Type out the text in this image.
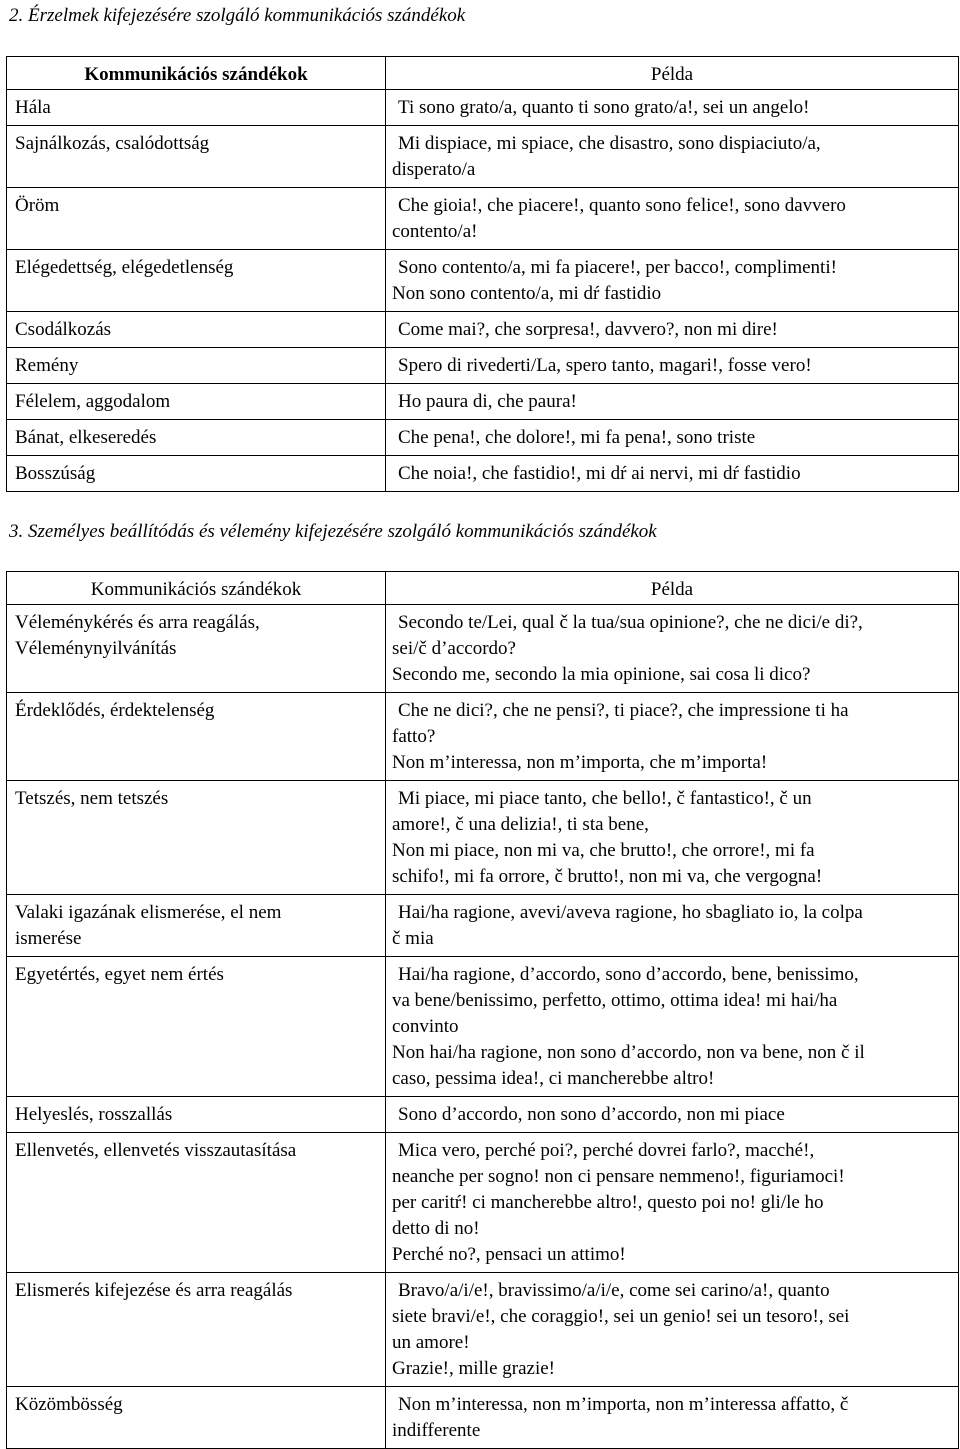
2. Érzelmek kifejezésére szolgáló kommunikációs szándékok
Kommunikációs szándékok	Példa

Hála	Ti sono grato/a, quanto ti sono grato/a!, sei un angelo!

Sajnálkozás, csalódottság	Mi dispiace, mi spiace, che disastro, sono dispiaciuto/a,
disperato/a

Öröm	Che gioia!, che piacere!, quanto sono felice!, sono davvero
contento/a!

Elégedettség, elégedetlenség	Sono contento/a, mi fa piacere!, per bacco!, complimenti!
Non sono contento/a, mi dŕ fastidio

Csodálkozás	Come mai?, che sorpresa!, davvero?, non mi dire!

Remény	Spero di rivederti/La, spero tanto, magari!, fosse vero!

Félelem, aggodalom	Ho paura di, che paura!

Bánat, elkeseredés	Che pena!, che dolore!, mi fa pena!, sono triste

Bosszúság	Che noia!, che fastidio!, mi dŕ ai nervi, mi dŕ fastidio
3. Személyes beállítódás és vélemény kifejezésére szolgáló kommunikációs szándékok
Kommunikációs szándékok	Példa

Véleménykérés és arra reagálás,
Véleménynyilvánítás	Secondo te/Lei, qual č la tua/sua opinione?, che ne dici/e di?,
sei/č d’accordo?
Secondo me, secondo la mia opinione, sai cosa li dico?

Érdeklődés, érdektelenség	Che ne dici?, che ne pensi?, ti piace?, che impressione ti ha
fatto?
Non m’interessa, non m’importa, che m’importa!

Tetszés, nem tetszés	Mi piace, mi piace tanto, che bello!, č fantastico!, č un
amore!, č una delizia!, ti sta bene,
Non mi piace, non mi va, che brutto!, che orrore!, mi fa
schifo!, mi fa orrore, č brutto!, non mi va, che vergogna!

Valaki igazának elismerése, el nem
ismerése	Hai/ha ragione, avevi/aveva ragione, ho sbagliato io, la colpa
č mia

Egyetértés, egyet nem értés	Hai/ha ragione, d’accordo, sono d’accordo, bene, benissimo,
va bene/benissimo, perfetto, ottimo, ottima idea! mi hai/ha
convinto
Non hai/ha ragione, non sono d’accordo, non va bene, non č il
caso, pessima idea!, ci mancherebbe altro!

Helyeslés, rosszallás	Sono d’accordo, non sono d’accordo, non mi piace

Ellenvetés, ellenvetés visszautasítása	Mica vero, perché poi?, perché dovrei farlo?, macché!,
neanche per sogno! non ci pensare nemmeno!, figuriamoci!
per caritŕ! ci mancherebbe altro!, questo poi no! gli/le ho
detto di no!
Perché no?, pensaci un attimo!

Elismerés kifejezése és arra reagálás	Bravo/a/i/e!, bravissimo/a/i/e, come sei carino/a!, quanto
siete bravi/e!, che coraggio!, sei un genio! sei un tesoro!, sei
un amore!
Grazie!, mille grazie!

Közömbösség	Non m’interessa, non m’importa, non m’interessa affatto, č
indifferente
